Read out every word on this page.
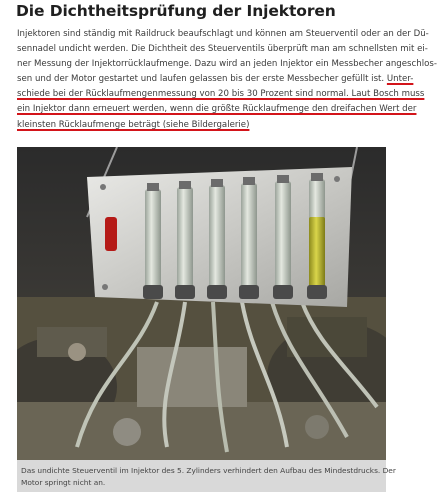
Die Dichtheitsprüfung der Injektoren

Injektoren sind ständig mit Raildruck beaufschlagt und können am Steuerventil oder an der Dü-
sennadel undicht werden. Die Dichtheit des Steuerventils überprüft man am schnellsten mit ei-
ner Messung der Injektorrücklaufmenge. Dazu wird an jeden Injektor ein Messbecher angeschlos-
sen und der Motor gestartet und laufen gelassen bis der erste Messbecher gefüllt ist. Unter-
schiede bei der Rücklaufmengenmessung von 20 bis 30 Prozent sind normal. Laut Bosch muss
ein Injektor dann erneuert werden, wenn die größte Rücklaufmenge den dreifachen Wert der
kleinsten Rücklaufmenge beträgt (siehe Bildergalerie)

Das undichte Steuerventil im Injektor des 5. Zylinders verhindert den Aufbau des Mindestdrucks. Der
Motor springt nicht an.
